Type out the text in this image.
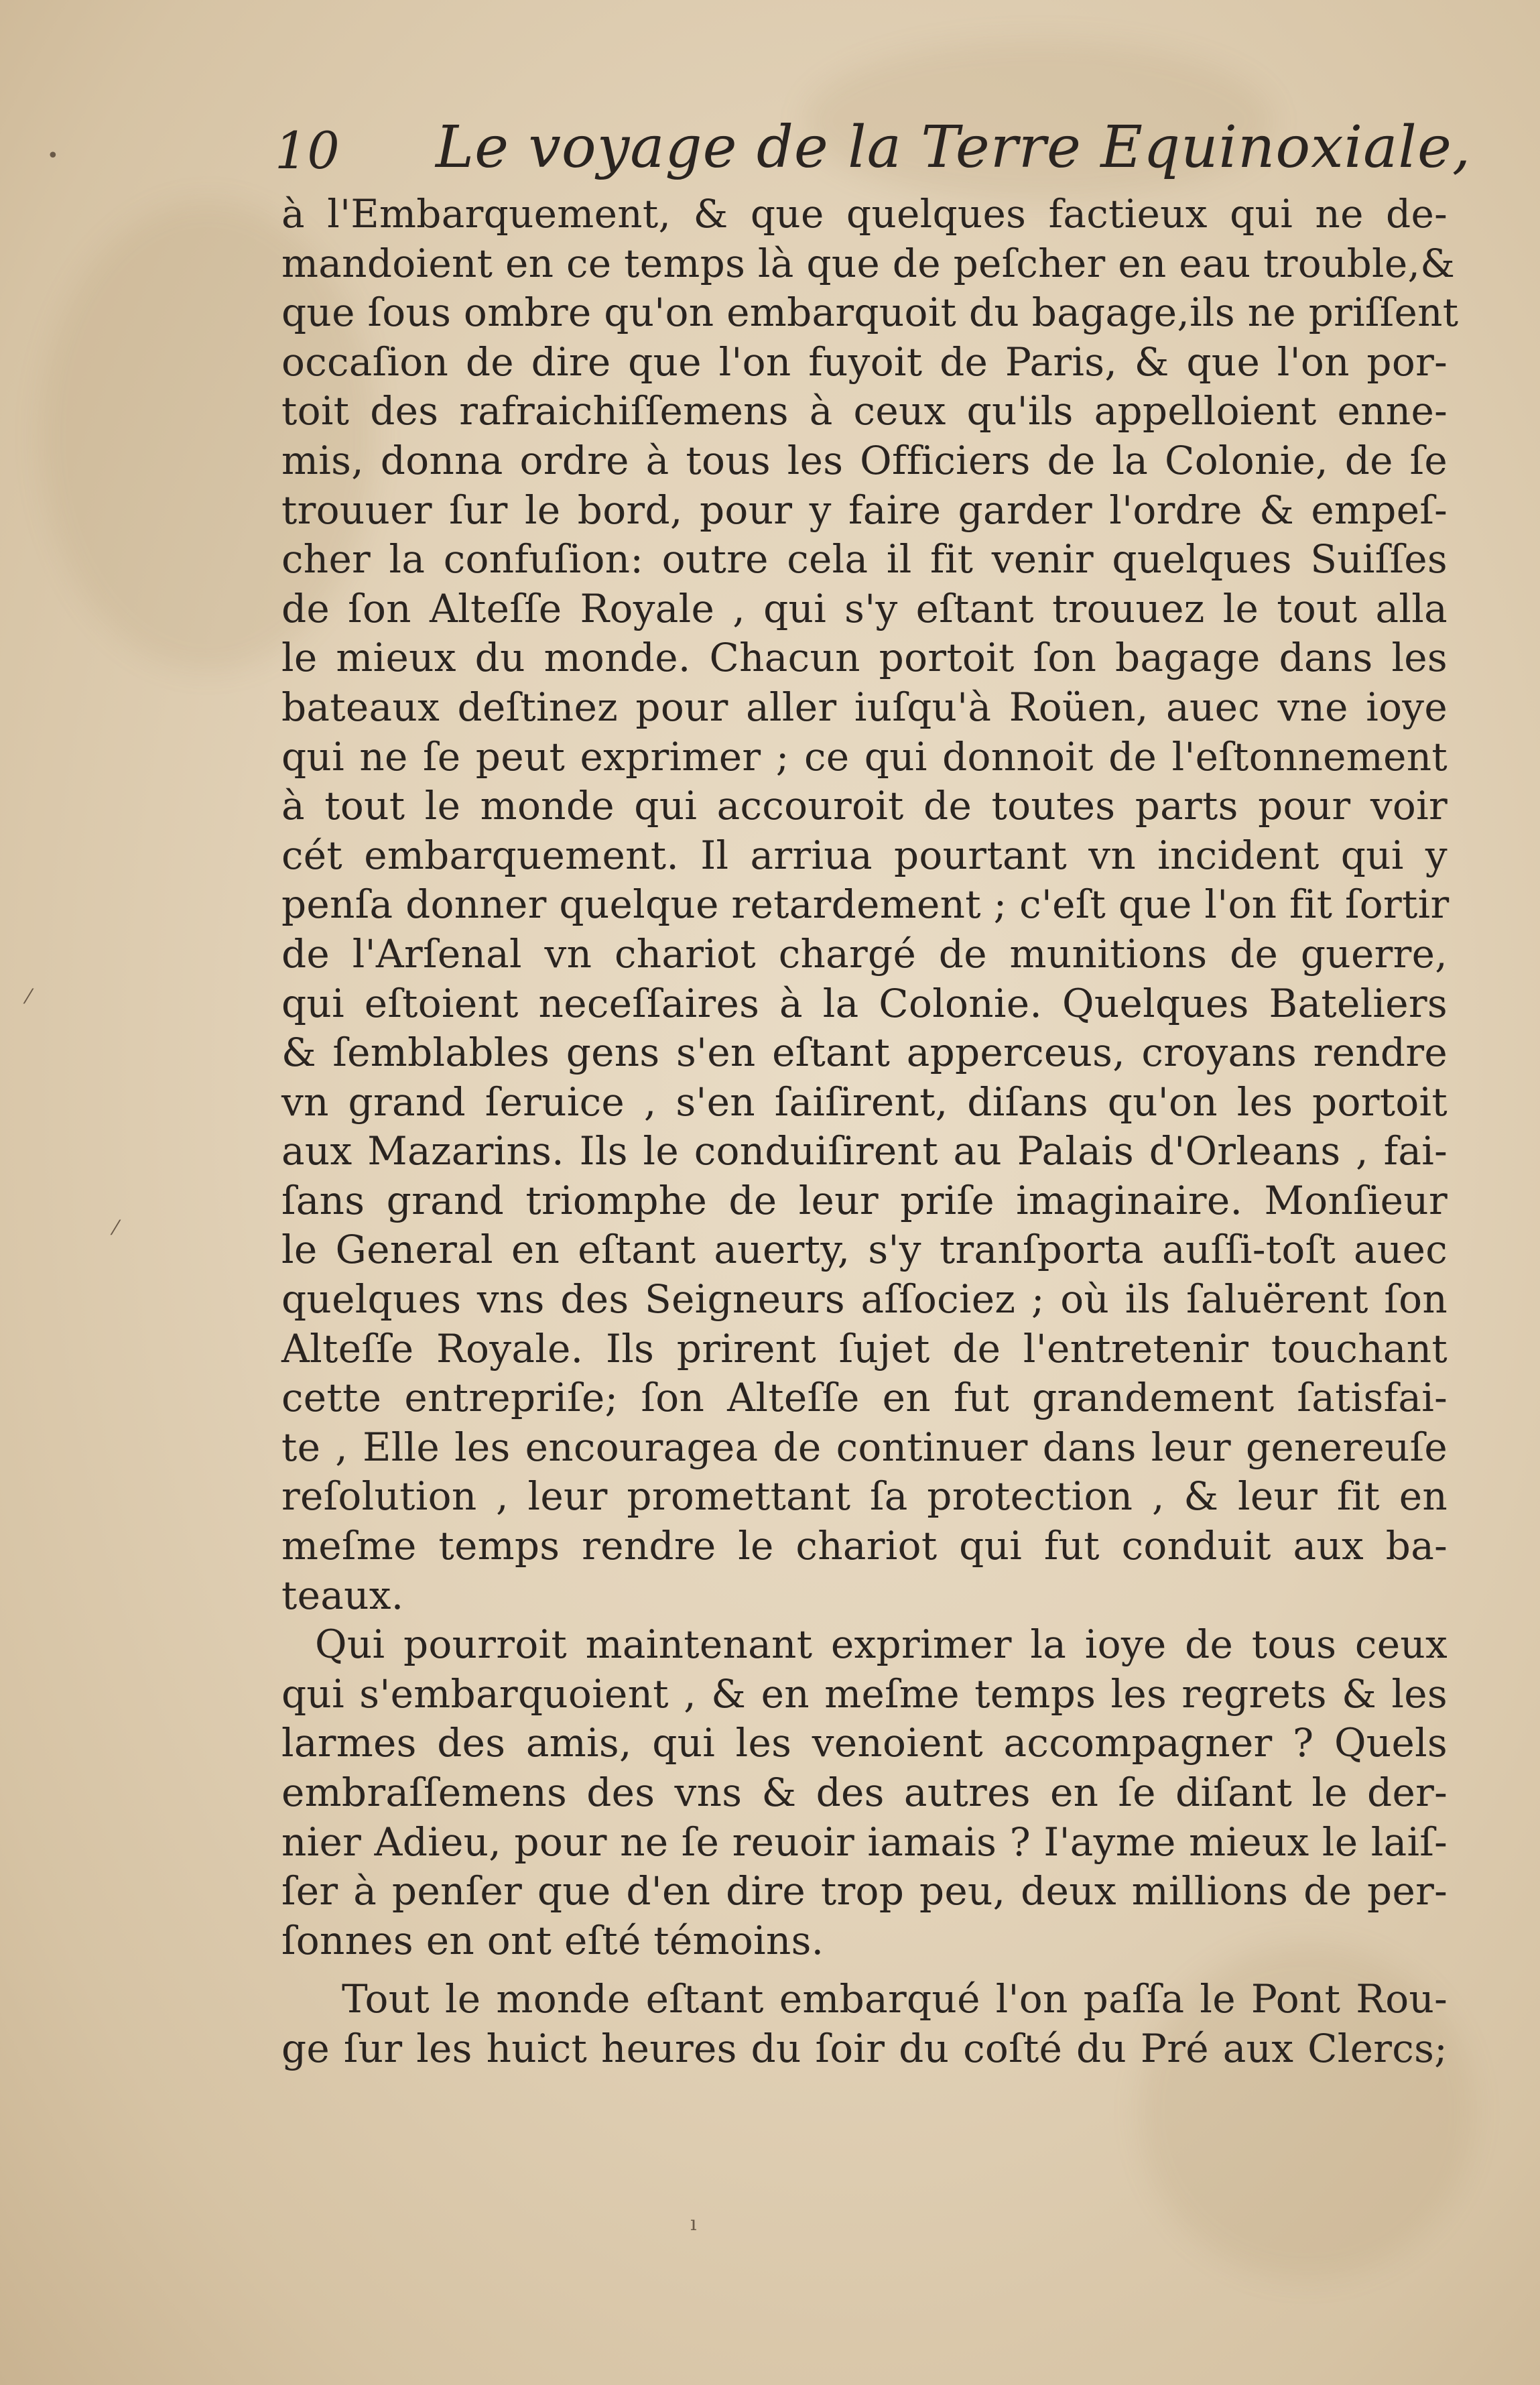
•
⁄
⁄
ı
10 Le voyage de la Terre Equinoxiale,
à l'Embarquement, & que quelques factieux qui ne de-
mandoient en ce temps là que de peſcher en eau trouble,&
que ſous ombre qu'on embarquoit du bagage,ils ne priſſent
occaſion de dire que l'on fuyoit de Paris, & que l'on por-
toit des rafraichiſſemens à ceux qu'ils appelloient enne-
mis, donna ordre à tous les Officiers de la Colonie, de ſe
trouuer ſur le bord, pour y faire garder l'ordre & empeſ-
cher la confuſion: outre cela il fit venir quelques Suiſſes
de ſon Alteſſe Royale , qui s'y eſtant trouuez le tout alla
le mieux du monde. Chacun portoit ſon bagage dans les
bateaux deſtinez pour aller iuſqu'à Roüen, auec vne ioye
qui ne ſe peut exprimer ; ce qui donnoit de l'eſtonnement
à tout le monde qui accouroit de toutes parts pour voir
cét embarquement. Il arriua pourtant vn incident qui y
penſa donner quelque retardement ; c'eſt que l'on fit ſortir
de l'Arſenal vn chariot chargé de munitions de guerre,
qui eſtoient neceſſaires à la Colonie. Quelques Bateliers
& ſemblables gens s'en eſtant apperceus, croyans rendre
vn grand ſeruice , s'en ſaiſirent, diſans qu'on les portoit
aux Mazarins. Ils le conduiſirent au Palais d'Orleans , fai-
ſans grand triomphe de leur priſe imaginaire. Monſieur
le General en eſtant auerty, s'y tranſporta auſſi-toſt auec
quelques vns des Seigneurs aſſociez ; où ils ſaluërent ſon
Alteſſe Royale. Ils prirent ſujet de l'entretenir touchant
cette entrepriſe; ſon Alteſſe en fut grandement ſatisfai-
te , Elle les encouragea de continuer dans leur genereuſe
reſolution , leur promettant ſa protection , & leur fit en
meſme temps rendre le chariot qui fut conduit aux ba-
teaux.
Qui pourroit maintenant exprimer la ioye de tous ceux
qui s'embarquoient , & en meſme temps les regrets & les
larmes des amis, qui les venoient accompagner ? Quels
embraſſemens des vns & des autres en ſe diſant le der-
nier Adieu, pour ne ſe reuoir iamais ? I'ayme mieux le laiſ-
ſer à penſer que d'en dire trop peu, deux millions de per-
ſonnes en ont eſté témoins.
Tout le monde eſtant embarqué l'on paſſa le Pont Rou-
ge ſur les huict heures du ſoir du coſté du Pré aux Clercs;
